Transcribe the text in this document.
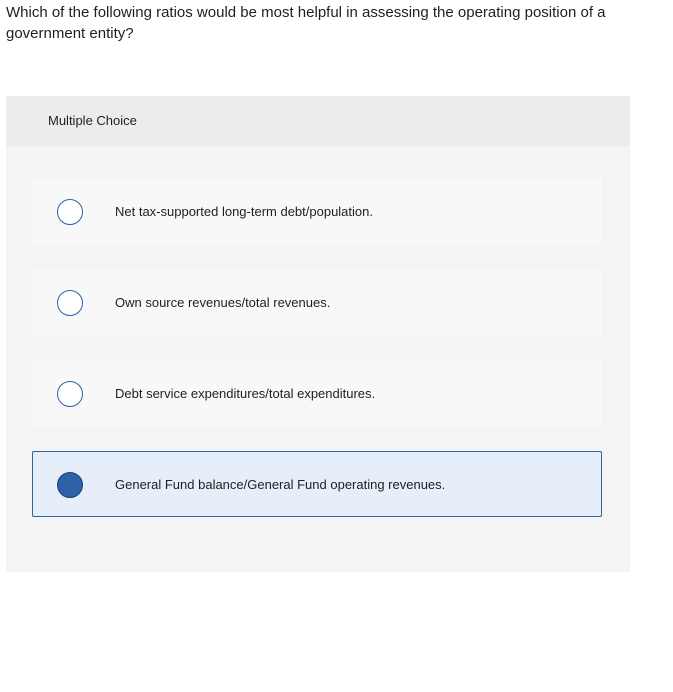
Which of the following ratios would be most helpful in assessing the operating position of a government entity?

Multiple Choice
Net tax-supported long-term debt/population.
Own source revenues/total revenues.
Debt service expenditures/total expenditures.
General Fund balance/General Fund operating revenues.
